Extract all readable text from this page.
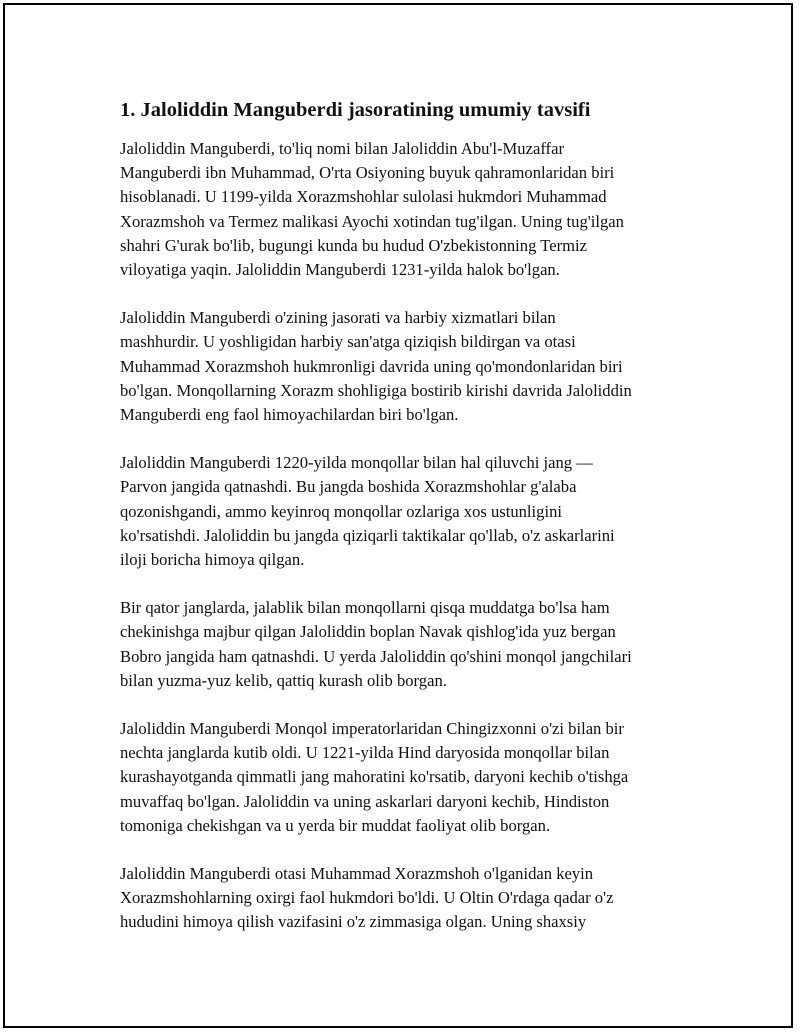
1. Jaloliddin Manguberdi jasoratining umumiy tavsifi

Jaloliddin Manguberdi, to'liq nomi bilan Jaloliddin Abu'l-Muzaffar
Manguberdi ibn Muhammad, O'rta Osiyoning buyuk qahramonlaridan biri
hisoblanadi. U 1199-yilda Xorazmshohlar sulolasi hukmdori Muhammad
Xorazmshoh va Termez malikasi Ayochi xotindan tug'ilgan. Uning tug'ilgan
shahri G'urak bo'lib, bugungi kunda bu hudud O'zbekistonning Termiz
viloyatiga yaqin. Jaloliddin Manguberdi 1231-yilda halok bo'lgan.

Jaloliddin Manguberdi o'zining jasorati va harbiy xizmatlari bilan
mashhurdir. U yoshligidan harbiy san'atga qiziqish bildirgan va otasi
Muhammad Xorazmshoh hukmronligi davrida uning qo'mondonlaridan biri
bo'lgan. Monqollarning Xorazm shohligiga bostirib kirishi davrida Jaloliddin
Manguberdi eng faol himoyachilardan biri bo'lgan.

Jaloliddin Manguberdi 1220-yilda monqollar bilan hal qiluvchi jang —
Parvon jangida qatnashdi. Bu jangda boshida Xorazmshohlar g'alaba
qozonishgandi, ammo keyinroq monqollar ozlariga xos ustunligini
ko'rsatishdi. Jaloliddin bu jangda qiziqarli taktikalar qo'llab, o'z askarlarini
iloji boricha himoya qilgan.

Bir qator janglarda, jalablik bilan monqollarni qisqa muddatga bo'lsa ham
chekinishga majbur qilgan Jaloliddin boplan Navak qishlog'ida yuz bergan
Bobro jangida ham qatnashdi. U yerda Jaloliddin qo'shini monqol jangchilari
bilan yuzma-yuz kelib, qattiq kurash olib borgan.

Jaloliddin Manguberdi Monqol imperatorlaridan Chingizxonni o'zi bilan bir
nechta janglarda kutib oldi. U 1221-yilda Hind daryosida monqollar bilan
kurashayotganda qimmatli jang mahoratini ko'rsatib, daryoni kechib o'tishga
muvaffaq bo'lgan. Jaloliddin va uning askarlari daryoni kechib, Hindiston
tomoniga chekishgan va u yerda bir muddat faoliyat olib borgan.

Jaloliddin Manguberdi otasi Muhammad Xorazmshoh o'lganidan keyin
Xorazmshohlarning oxirgi faol hukmdori bo'ldi. U Oltin O'rdaga qadar o'z
hududini himoya qilish vazifasini o'z zimmasiga olgan. Uning shaxsiy
